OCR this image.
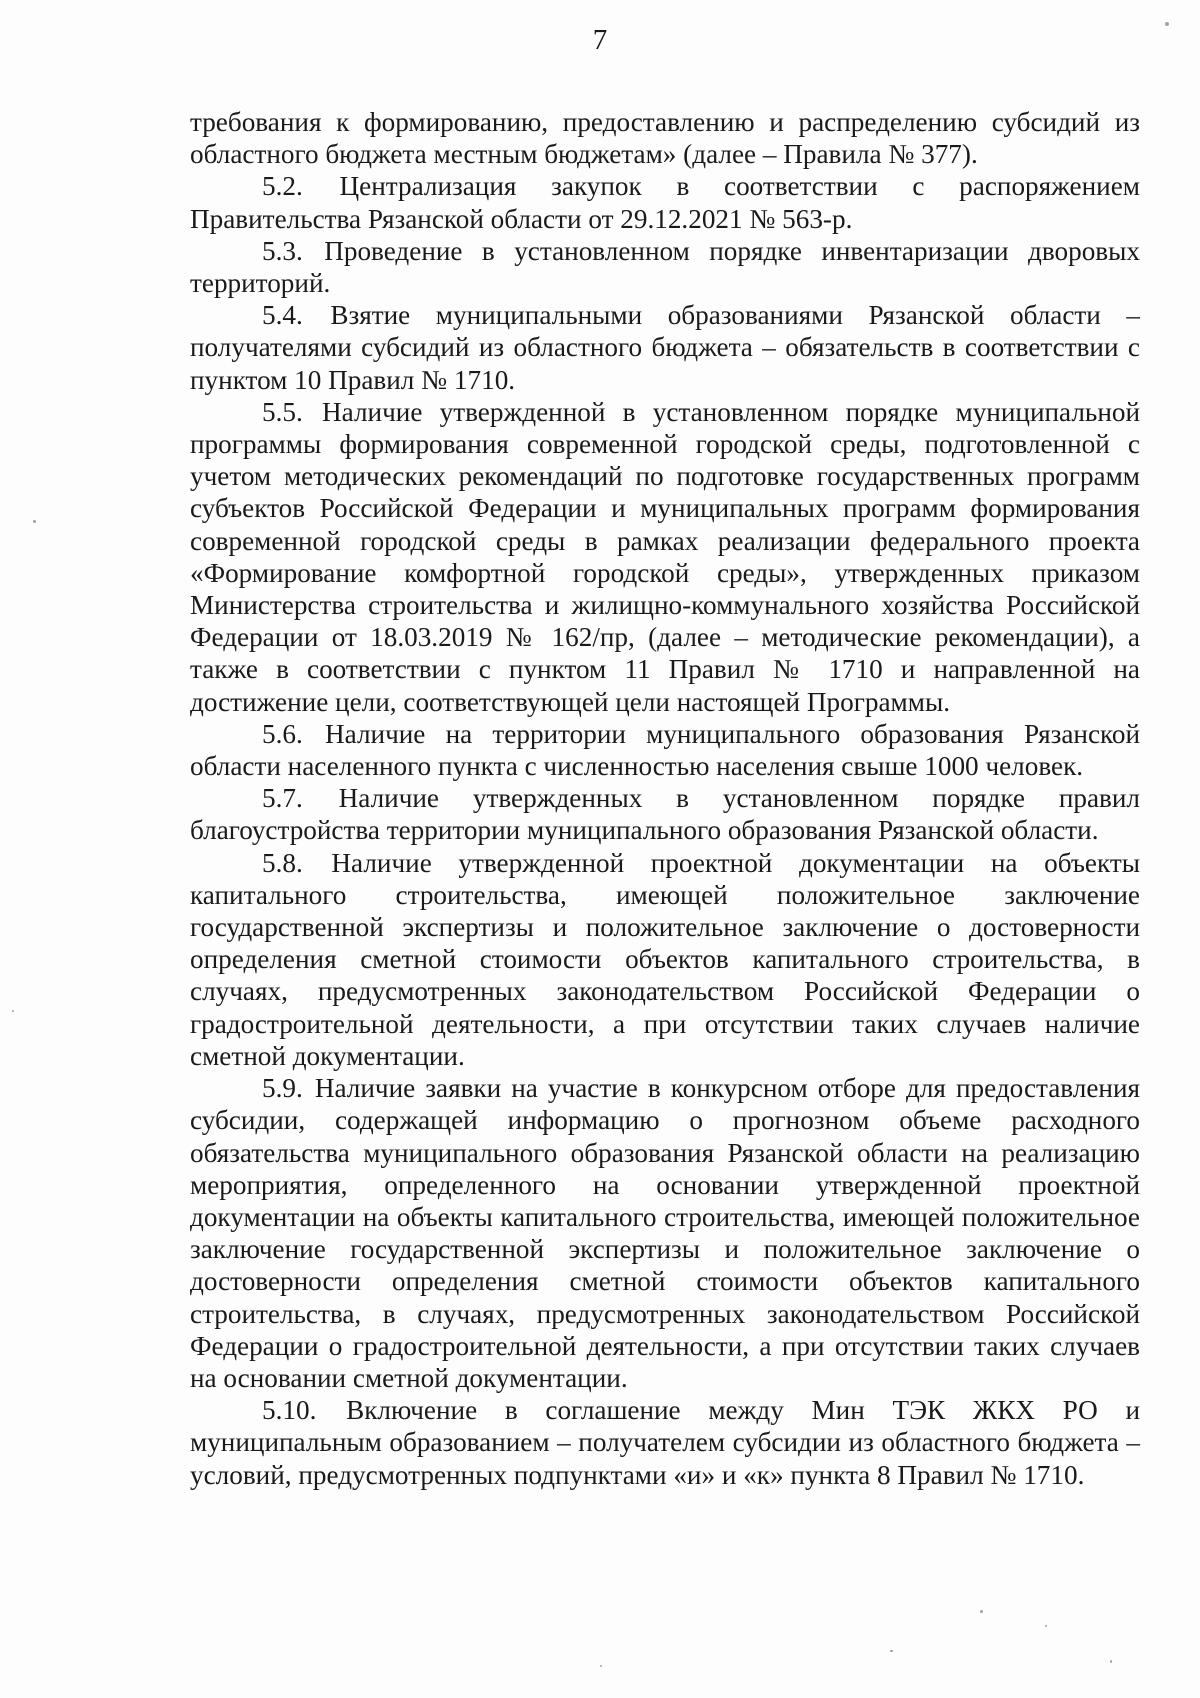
7

требования к формированию, предоставлению и распределению субсидий из областного бюджета местным бюджетам» (далее – Правила № 377).

5.2. Централизация закупок в соответствии с распоряжением Правительства Рязанской области от 29.12.2021 № 563-р.

5.3. Проведение в установленном порядке инвентаризации дворовых территорий.

5.4. Взятие муниципальными образованиями Рязанской области – получателями субсидий из областного бюджета – обязательств в соответствии с пунктом 10 Правил № 1710.

5.5. Наличие утвержденной в установленном порядке муниципальной программы формирования современной городской среды, подготовленной с учетом методических рекомендаций по подготовке государственных программ субъектов Российской Федерации и муниципальных программ формирования современной городской среды в рамках реализации федерального проекта «Формирование комфортной городской среды», утвержденных приказом Министерства строительства и жилищно-коммунального хозяйства Российской Федерации от 18.03.2019 № 162/пр, (далее – методические рекомендации), а также в соответствии с пунктом 11 Правил № 1710 и направленной на достижение цели, соответствующей цели настоящей Программы.

5.6. Наличие на территории муниципального образования Рязанской области населенного пункта с численностью населения свыше 1000 человек.

5.7. Наличие утвержденных в установленном порядке правил благоустройства территории муниципального образования Рязанской области.

5.8. Наличие утвержденной проектной документации на объекты капитального строительства, имеющей положительное заключение государственной экспертизы и положительное заключение о достоверности определения сметной стоимости объектов капитального строительства, в случаях, предусмотренных законодательством Российской Федерации о градостроительной деятельности, а при отсутствии таких случаев наличие сметной документации.

5.9. Наличие заявки на участие в конкурсном отборе для предоставления субсидии, содержащей информацию о прогнозном объеме расходного обязательства муниципального образования Рязанской области на реализацию мероприятия, определенного на основании утвержденной проектной документации на объекты капитального строительства, имеющей положительное заключение государственной экспертизы и положительное заключение о достоверности определения сметной стоимости объектов капитального строительства, в случаях, предусмотренных законодательством Российской Федерации о градостроительной деятельности, а при отсутствии таких случаев на основании сметной документации.

5.10. Включение в соглашение между Мин ТЭК ЖКХ РО и муниципальным образованием – получателем субсидии из областного бюджета – условий, предусмотренных подпунктами «и» и «к» пункта 8 Правил № 1710.
